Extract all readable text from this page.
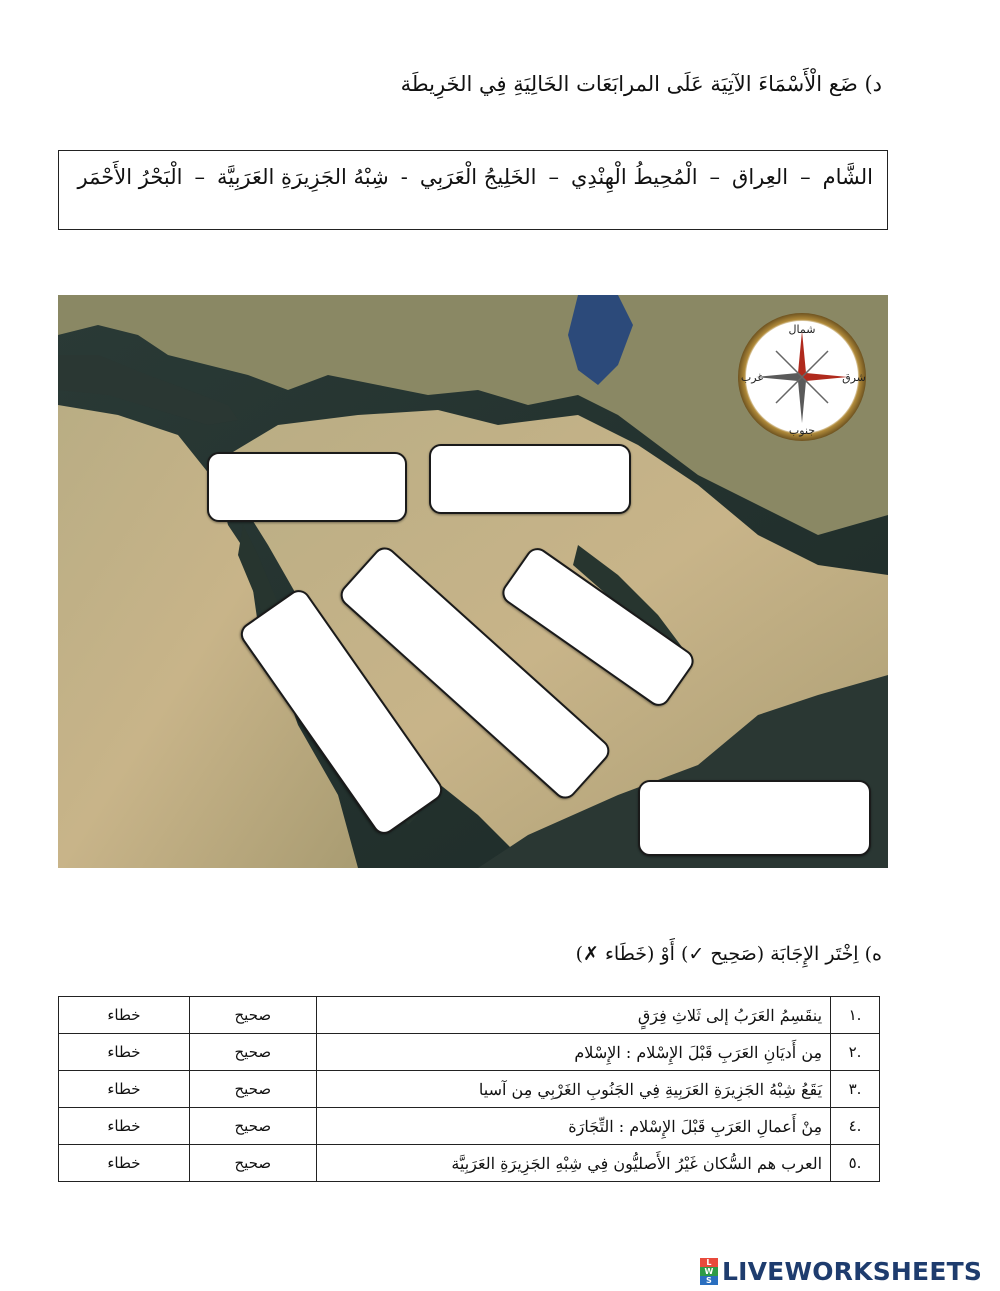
د) ضَع الْأَسْمَاءَ الآتِيَة عَلَى المرابَعَات الخَالِيَةِ فِي الخَرِيطَة
الشَّام
–
العِراق
–
الْمُحِيطُ الْهِنْدِي
–
الخَلِيجُ الْعَرَبِي
-
شِبْهُ الجَزِيرَةِ العَرَبِيَّة
–
الْبَحْرُ الأَحْمَر
شمال
جنوب
شرق
غرب
ه) اِخْتَر الإِجَابَة (صَحِيح ✓) أَوْ (خَطَاء ✗)
.١	ينقَسِمُ العَرَبُ إلى ثَلاثِ فِرَقٍ	صحيح	خطاء
.٢	مِن أَديَانِ العَرَبِ قَبْلَ الإِسْلام : الإِسْلام	صحيح	خطاء
.٣	يَقَعُ شِبْهُ الجَزِيرَةِ العَرَبِيةِ فِي الجَنُوبِ الغَرْبِي مِن آسيا	صحيح	خطاء
.٤	مِنْ أَعمالِ العَرَبِ قَبْلَ الإِسْلام : التِّجَارَة	صحيح	خطاء
.٥	العرب هم السُّكان غَيْرُ الأَصليُّون فِي شِبْهِ الجَزِيرَةِ العَرَبِيَّة	صحيح	خطاء
L
W
S LIVEWORKSHEETS
